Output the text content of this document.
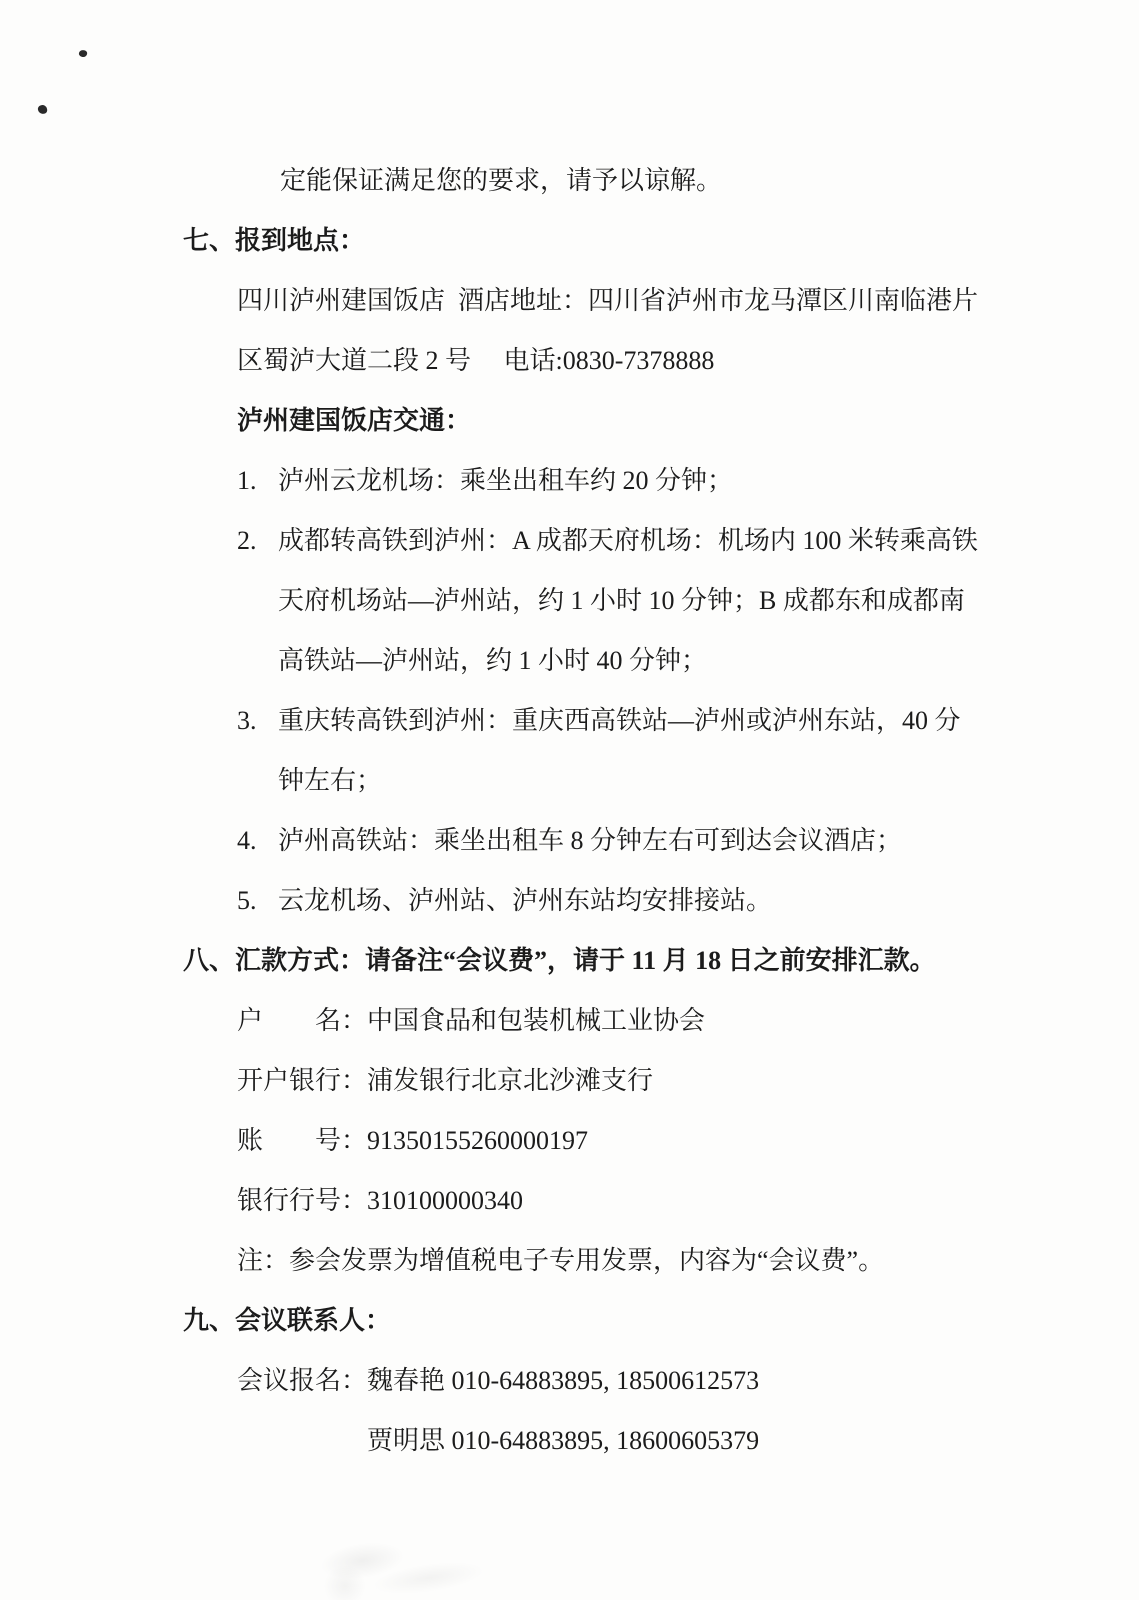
定能保证满足您的要求，请予以谅解。
七、报到地点：
四川泸州建国饭店  酒店地址：四川省泸州市龙马潭区川南临港片
区蜀泸大道二段 2 号　 电话:0830-7378888
泸州建国饭店交通：
1. 泸州云龙机场：乘坐出租车约 20 分钟；
2. 成都转高铁到泸州：A 成都天府机场：机场内 100 米转乘高铁
天府机场站—泸州站，约 1 小时 10 分钟；B 成都东和成都南
高铁站—泸州站，约 1 小时 40 分钟；
3. 重庆转高铁到泸州：重庆西高铁站—泸州或泸州东站，40 分
钟左右；
4. 泸州高铁站：乘坐出租车 8 分钟左右可到达会议酒店；
5. 云龙机场、泸州站、泸州东站均安排接站。
八、汇款方式：请备注“会议费”，请于 11 月 18 日之前安排汇款。
户　　名：中国食品和包装机械工业协会
开户银行：浦发银行北京北沙滩支行
账　　号：91350155260000197
银行行号：310100000340
注：参会发票为增值税电子专用发票，内容为“会议费”。
九、会议联系人：
会议报名：魏春艳 010-64883895, 18500612573
贾明思 010-64883895, 18600605379
